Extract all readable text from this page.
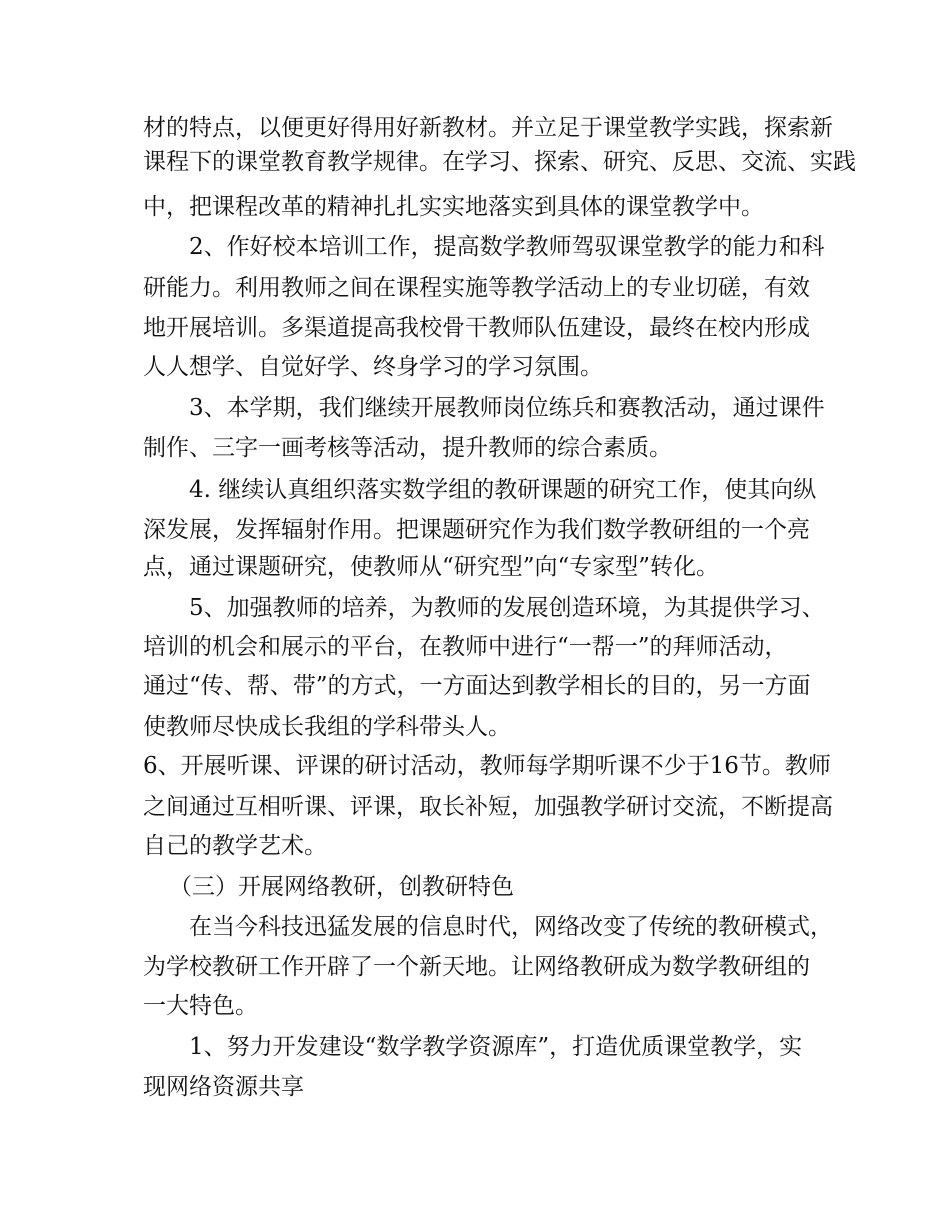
材的特点，以便更好得用好新教材。并立足于课堂教学实践，探索新
课程下的课堂教育教学规律。在学习、探索、研究、反思、交流、实践
中，把课程改革的精神扎扎实实地落实到具体的课堂教学中。
2、作好校本培训工作，提高数学教师驾驭课堂教学的能力和科
研能力。利用教师之间在课程实施等教学活动上的专业切磋，有效
地开展培训。多渠道提高我校骨干教师队伍建设，最终在校内形成
人人想学、自觉好学、终身学习的学习氛围。
3、本学期，我们继续开展教师岗位练兵和赛教活动，通过课件
制作、三字一画考核等活动，提升教师的综合素质。
4. 继续认真组织落实数学组的教研课题的研究工作，使其向纵
深发展，发挥辐射作用。把课题研究作为我们数学教研组的一个亮
点，通过课题研究，使教师从“研究型”向“专家型”转化。
5、加强教师的培养，为教师的发展创造环境，为其提供学习、
培训的机会和展示的平台，在教师中进行“一帮一”的拜师活动，
通过“传、帮、带”的方式，一方面达到教学相长的目的，另一方面
使教师尽快成长我组的学科带头人。
6、开展听课、评课的研讨活动，教师每学期听课不少于16节。教师
之间通过互相听课、评课，取长补短，加强教学研讨交流，不断提高
自己的教学艺术。
（三）开展网络教研，创教研特色
在当今科技迅猛发展的信息时代，网络改变了传统的教研模式，
为学校教研工作开辟了一个新天地。让网络教研成为数学教研组的
一大特色。
1、努力开发建设“数学教学资源库”，打造优质课堂教学，实
现网络资源共享
